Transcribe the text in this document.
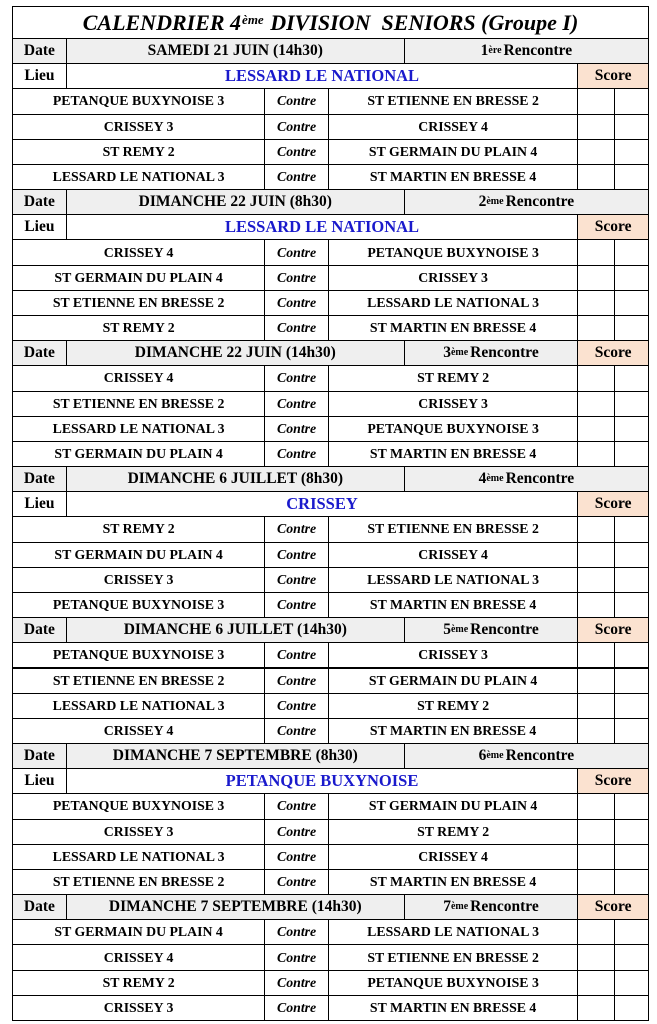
CALENDRIER 4ème DIVISION  SENIORS (Groupe I)
Date	SAMEDI 21 JUIN (14h30)	1 ère Rencontre
Lieu	LESSARD LE NATIONAL	Score
PETANQUE BUXYNOISE 3	Contre	ST ETIENNE EN BRESSE 2
CRISSEY 3	Contre	CRISSEY 4
ST REMY 2	Contre	ST GERMAIN DU PLAIN 4
LESSARD LE NATIONAL 3	Contre	ST MARTIN EN BRESSE 4
Date	DIMANCHE 22 JUIN (8h30)	2 ème Rencontre
Lieu	LESSARD LE NATIONAL	Score
CRISSEY 4	Contre	PETANQUE BUXYNOISE 3
ST GERMAIN DU PLAIN 4	Contre	CRISSEY 3
ST ETIENNE EN BRESSE 2	Contre	LESSARD LE NATIONAL 3
ST REMY 2	Contre	ST MARTIN EN BRESSE 4
Date	DIMANCHE 22 JUIN (14h30)	3 ème Rencontre	Score
CRISSEY 4	Contre	ST REMY 2
ST ETIENNE EN BRESSE 2	Contre	CRISSEY 3
LESSARD LE NATIONAL 3	Contre	PETANQUE BUXYNOISE 3
ST GERMAIN DU PLAIN 4	Contre	ST MARTIN EN BRESSE 4
Date	DIMANCHE 6 JUILLET (8h30)	4 ème Rencontre
Lieu	CRISSEY	Score
ST REMY 2	Contre	ST ETIENNE EN BRESSE 2
ST GERMAIN DU PLAIN 4	Contre	CRISSEY 4
CRISSEY 3	Contre	LESSARD LE NATIONAL 3
PETANQUE BUXYNOISE 3	Contre	ST MARTIN EN BRESSE 4
Date	DIMANCHE 6 JUILLET (14h30)	5 ème Rencontre	Score
PETANQUE BUXYNOISE 3	Contre	CRISSEY 3
ST ETIENNE EN BRESSE 2	Contre	ST GERMAIN DU PLAIN 4
LESSARD LE NATIONAL 3	Contre	ST REMY 2
CRISSEY 4	Contre	ST MARTIN EN BRESSE 4
Date	DIMANCHE 7 SEPTEMBRE (8h30)	6 ème Rencontre
Lieu	PETANQUE BUXYNOISE	Score
PETANQUE BUXYNOISE 3	Contre	ST GERMAIN DU PLAIN 4
CRISSEY 3	Contre	ST REMY 2
LESSARD LE NATIONAL 3	Contre	CRISSEY 4
ST ETIENNE EN BRESSE 2	Contre	ST MARTIN EN BRESSE 4
Date	DIMANCHE 7 SEPTEMBRE (14h30)	7 ème Rencontre	Score
ST GERMAIN DU PLAIN 4	Contre	LESSARD LE NATIONAL 3
CRISSEY 4	Contre	ST ETIENNE EN BRESSE 2
ST REMY 2	Contre	PETANQUE BUXYNOISE 3
CRISSEY 3	Contre	ST MARTIN EN BRESSE 4
